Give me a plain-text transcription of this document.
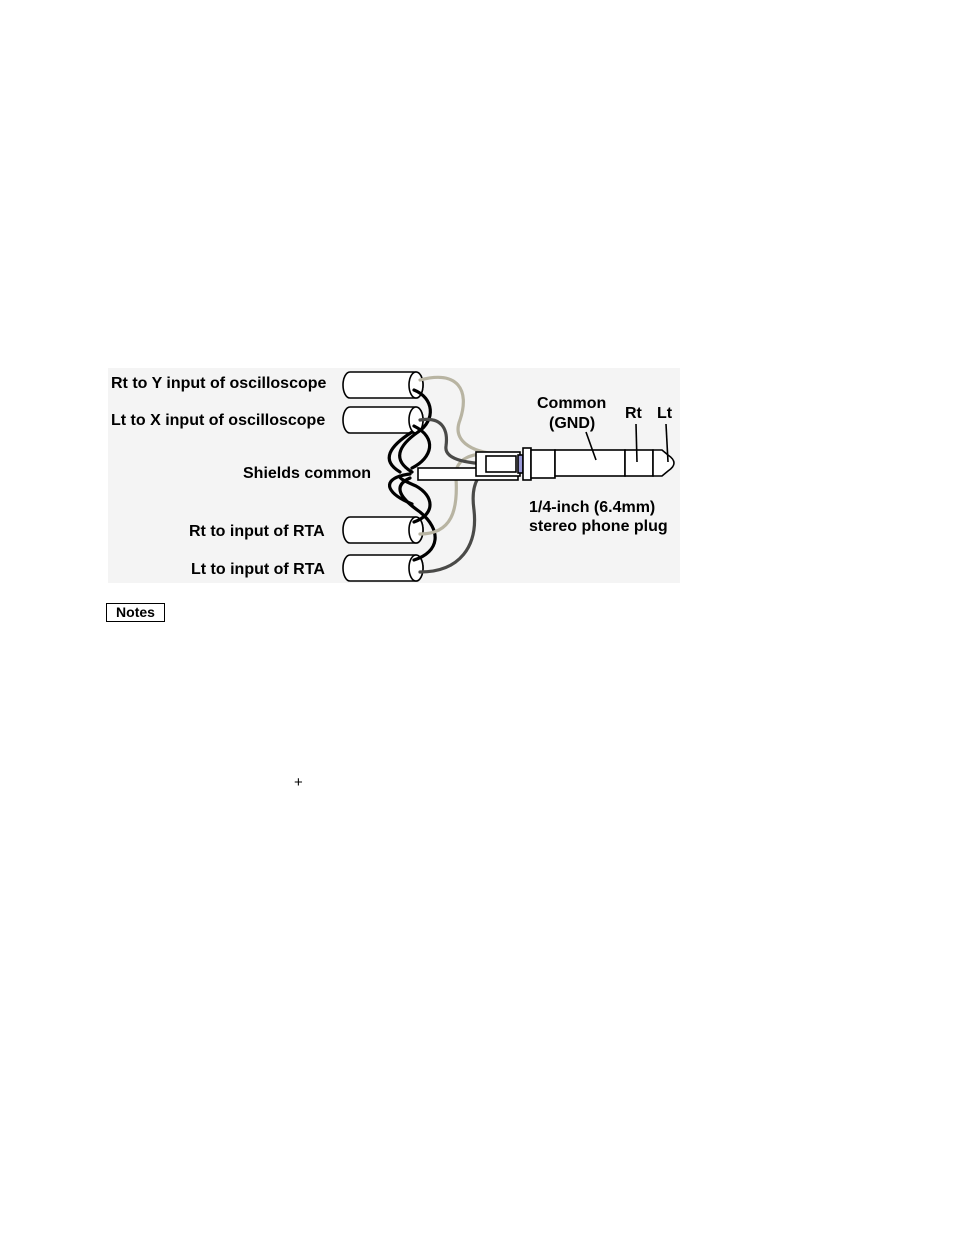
Rt to Y input of oscilloscope
Lt to X input of oscilloscope
Rt to input of RTA
Lt to input of RTA
Shields common
Common
(GND)
Rt Lt
1/4-inch (6.4mm)
stereo phone plug
Notes
+
